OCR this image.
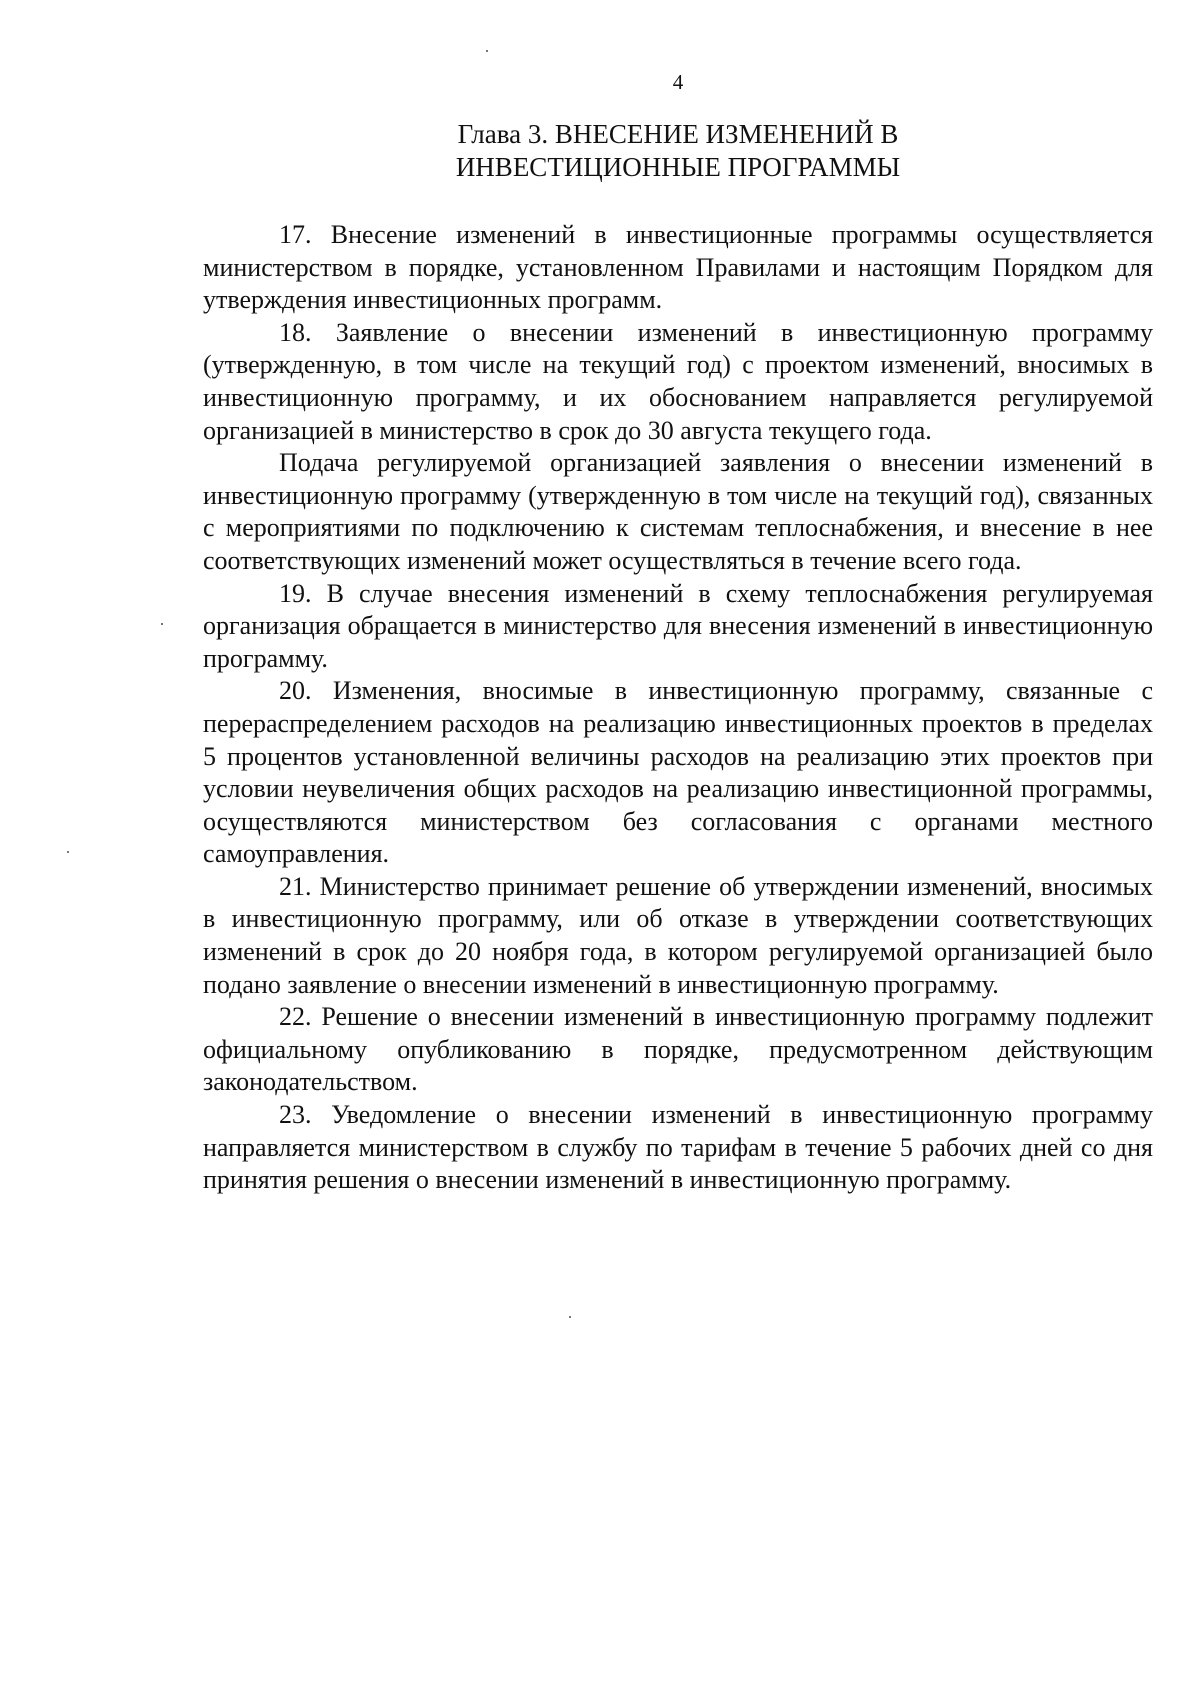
4
Глава 3. ВНЕСЕНИЕ ИЗМЕНЕНИЙ В
ИНВЕСТИЦИОННЫЕ ПРОГРАММЫ

17. Внесение изменений в инвестиционные программы осуществляется министерством в порядке, установленном Правилами и настоящим Порядком для утверждения инвестиционных программ.

18. Заявление о внесении изменений в инвестиционную программу (утвержденную, в том числе на текущий год) с проектом изменений, вносимых в инвестиционную программу, и их обоснованием направляется регулируемой организацией в министерство в срок до 30 августа текущего года.

Подача регулируемой организацией заявления о внесении изменений в инвестиционную программу (утвержденную в том числе на текущий год), связанных с мероприятиями по подключению к системам теплоснабжения, и внесение в нее соответствующих изменений может осуществляться в течение всего года.

19. В случае внесения изменений в схему теплоснабжения регулируемая организация обращается в министерство для внесения изменений в инвестиционную программу.

20. Изменения, вносимые в инвестиционную программу, связанные с перераспределением расходов на реализацию инвестиционных проектов в пределах 5 процентов установленной величины расходов на реализацию этих проектов при условии неувеличения общих расходов на реализацию инвестиционной программы, осуществляются министерством без согласования с органами местного самоуправления.

21. Министерство принимает решение об утверждении изменений, вносимых в инвестиционную программу, или об отказе в утверждении соответствующих изменений в срок до 20 ноября года, в котором регулируемой организацией было подано заявление о внесении изменений в инвестиционную программу.

22. Решение о внесении изменений в инвестиционную программу подлежит официальному опубликованию в порядке, предусмотренном действующим законодательством.

23. Уведомление о внесении изменений в инвестиционную программу направляется министерством в службу по тарифам в течение 5 рабочих дней со дня принятия решения о внесении изменений в инвестиционную программу.
